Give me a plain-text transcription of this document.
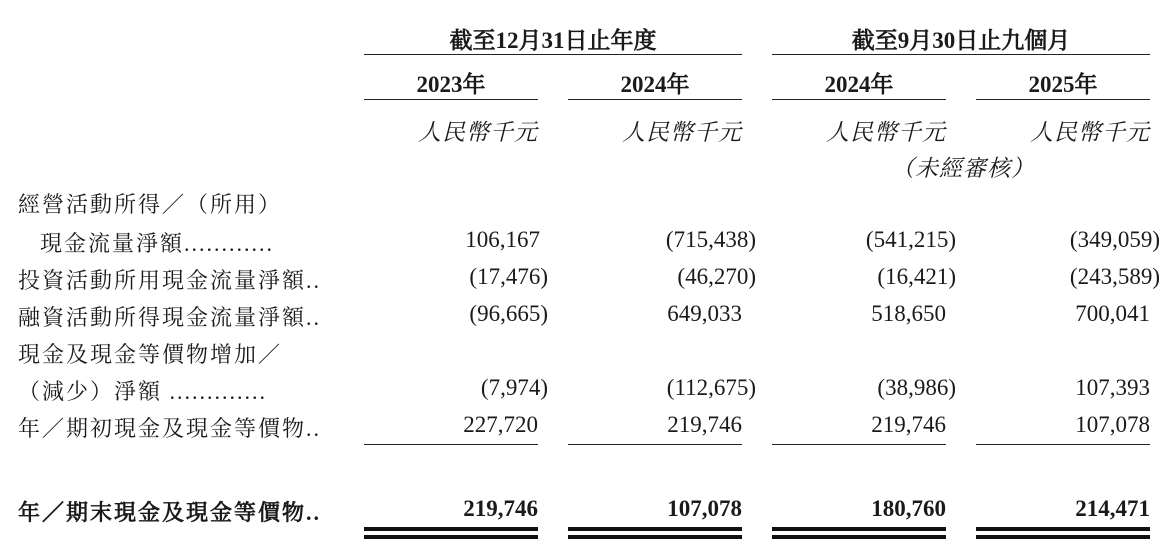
截至12月31日止年度	截至9月30日止九個月
2023年	2024年	2024年	2025年
人民幣千元	人民幣千元	人民幣千元	人民幣千元
（未經審核）
經營活動所得／（所用）
現金流量淨額............	106,167	(715,438)	(541,215)	(349,059)
投資活動所用現金流量淨額..	(17,476)	(46,270)	(16,421)	(243,589)
融資活動所得現金流量淨額..	(96,665)	649,033	518,650	700,041
現金及現金等價物增加／
（減少）淨額 .............	(7,974)	(112,675)	(38,986)	107,393
年／期初現金及現金等價物..	227,720	219,746	219,746	107,078
年／期末現金及現金等價物..	219,746	107,078	180,760	214,471
